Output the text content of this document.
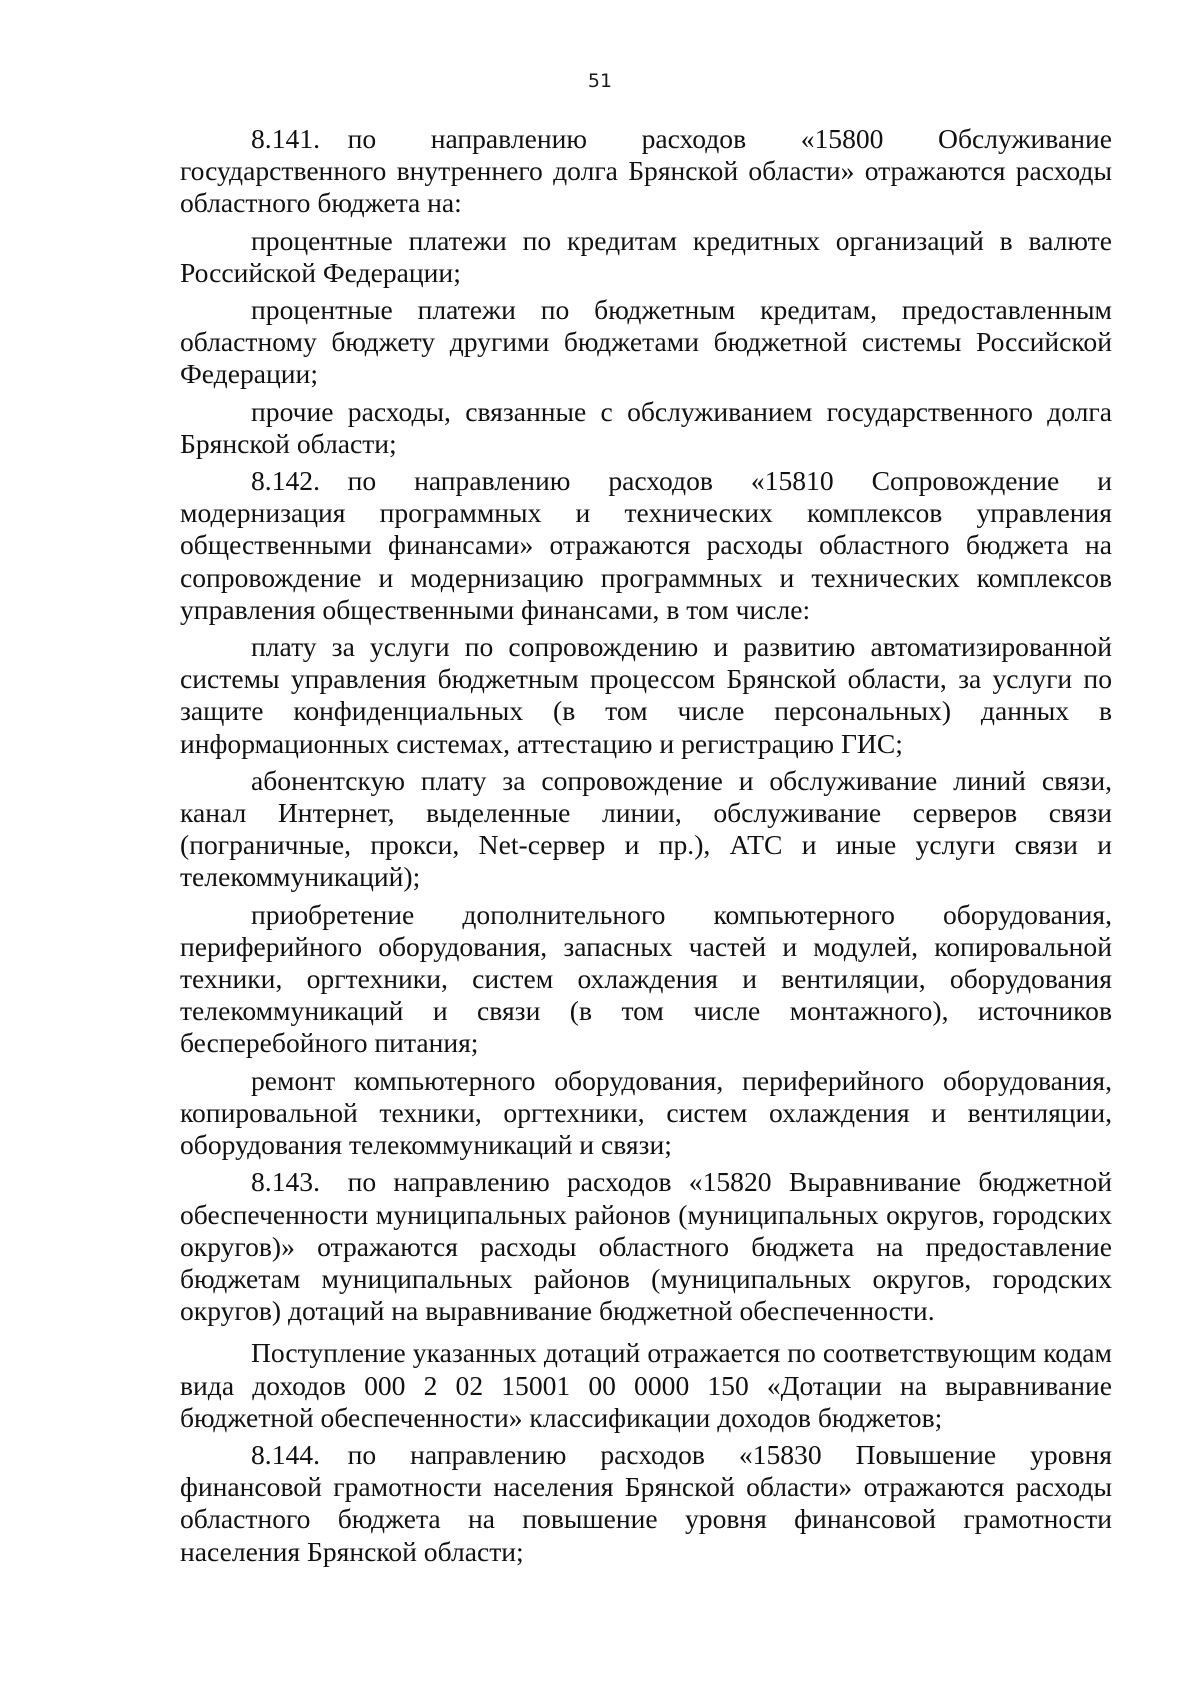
51

8.141. по направлению расходов «15800 Обслуживание государственного внутреннего долга Брянской области» отражаются расходы областного бюджета на:

процентные платежи по кредитам кредитных организаций в валюте Российской Федерации;

процентные платежи по бюджетным кредитам, предоставленным областному бюджету другими бюджетами бюджетной системы Российской Федерации;

прочие расходы, связанные с обслуживанием государственного долга Брянской области;

8.142. по направлению расходов «15810 Сопровождение и модернизация программных и технических комплексов управления общественными финансами» отражаются расходы областного бюджета на сопровождение и модернизацию программных и технических комплексов управления общественными финансами, в том числе:

плату за услуги по сопровождению и развитию автоматизированной системы управления бюджетным процессом Брянской области, за услуги по защите конфиденциальных (в том числе персональных) данных в информационных системах, аттестацию и регистрацию ГИС;

абонентскую плату за сопровождение и обслуживание линий связи, канал Интернет, выделенные линии, обслуживание серверов связи (пограничные, прокси, Net-сервер и пр.), АТС и иные услуги связи и телекоммуникаций);

приобретение дополнительного компьютерного оборудования, периферийного оборудования, запасных частей и модулей, копировальной техники, оргтехники, систем охлаждения и вентиляции, оборудования телекоммуникаций и связи (в том числе монтажного), источников бесперебойного питания;

ремонт компьютерного оборудования, периферийного оборудования, копировальной техники, оргтехники, систем охлаждения и вентиляции, оборудования телекоммуникаций и связи;

8.143. по направлению расходов «15820 Выравнивание бюджетной обеспеченности муниципальных районов (муниципальных округов, городских округов)» отражаются расходы областного бюджета на предоставление бюджетам муниципальных районов (муниципальных округов, городских округов) дотаций на выравнивание бюджетной обеспеченности.

Поступление указанных дотаций отражается по соответствующим кодам вида доходов 000 2 02 15001 00 0000 150 «Дотации на выравнивание бюджетной обеспеченности» классификации доходов бюджетов;

8.144. по направлению расходов «15830 Повышение уровня финансовой грамотности населения Брянской области» отражаются расходы областного бюджета на повышение уровня финансовой грамотности населения Брянской области;
